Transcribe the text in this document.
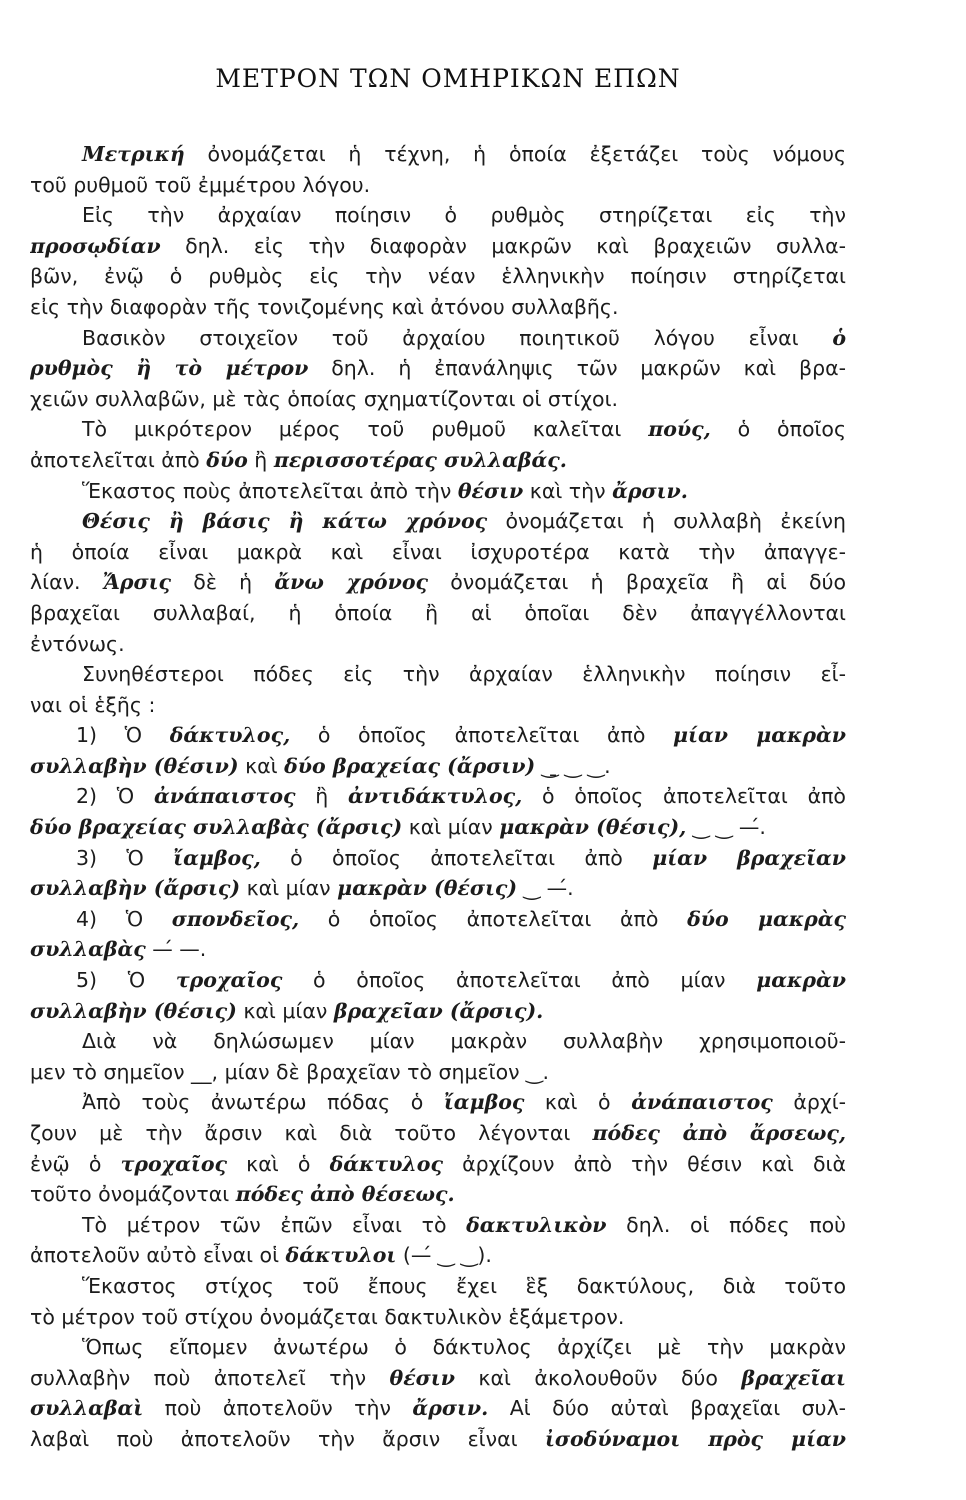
ΜΕΤΡΟΝ ΤΩΝ ΟΜΗΡΙΚΩΝ ΕΠΩΝ
Μετρική ὀνομάζεται ἡ τέχνη, ἡ ὁποία ἐξετάζει τοὺς νόμους
τοῦ ρυθμοῦ τοῦ ἐμμέτρου λόγου.
Εἰς τὴν ἀρχαίαν ποίησιν ὁ ρυθμὸς στηρίζεται εἰς τὴν
προσῳδίαν δηλ. εἰς τὴν διαφορὰν μακρῶν καὶ βραχειῶν συλλα-
βῶν, ἐνῷ ὁ ρυθμὸς εἰς τὴν νέαν ἑλληνικὴν ποίησιν στηρίζεται
εἰς τὴν διαφορὰν τῆς τονιζομένης καὶ ἀτόνου συλλαβῆς.
Βασικὸν στοιχεῖον τοῦ ἀρχαίου ποιητικοῦ λόγου εἶναι ὁ
ρυθμὸς ἢ τὸ μέτρον δηλ. ἡ ἐπανάληψις τῶν μακρῶν καὶ βρα-
χειῶν συλλαβῶν, μὲ τὰς ὁποίας σχηματίζονται οἱ στίχοι.
Τὸ μικρότερον μέρος τοῦ ρυθμοῦ καλεῖται πούς, ὁ ὁποῖος
ἀποτελεῖται ἀπὸ δύο ἢ περισσοτέρας συλλαβάς.
Ἕκαστος ποὺς ἀποτελεῖται ἀπὸ τὴν θέσιν καὶ τὴν ἄρσιν.
Θέσις ἢ βάσις ἢ κάτω χρόνος ὀνομάζεται ἡ συλλαβὴ ἐκείνη
ἡ ὁποία εἶναι μακρὰ καὶ εἶναι ἰσχυροτέρα κατὰ τὴν ἀπαγγε-
λίαν. Ἄρσις δὲ ἡ ἄνω χρόνος ὀνομάζεται ἡ βραχεῖα ἢ αἱ δύο
βραχεῖαι συλλαβαί, ἡ ὁποία ἢ αἱ ὁποῖαι δὲν ἀπαγγέλλονται
ἐντόνως.
Συνηθέστεροι πόδες εἰς τὴν ἀρχαίαν ἑλληνικὴν ποίησιν εἶ-
ναι οἱ ἑξῆς :
1) Ὁ δάκτυλος, ὁ ὁποῖος ἀποτελεῖται ἀπὸ μίαν μακρὰν
συλλαβὴν (θέσιν) καὶ δύο βραχείας (ἄρσιν) ‿̱ ‿ ‿.
2) Ὁ ἀνάπαιστος ἢ ἀντιδάκτυλος, ὁ ὁποῖος ἀποτελεῖται ἀπὸ
δύο βραχείας συλλαβὰς (ἄρσις) καὶ μίαν μακρὰν (θέσις), ‿ ‿ —́.
3) Ὁ ἴαμβος, ὁ ὁποῖος ἀποτελεῖται ἀπὸ μίαν βραχεῖαν
συλλαβὴν (ἄρσις) καὶ μίαν μακρὰν (θέσις) ‿ —́.
4) Ὁ σπονδεῖος, ὁ ὁποῖος ἀποτελεῖται ἀπὸ δύο μακρὰς
συλλαβὰς —́ —.
5) Ὁ τροχαῖος ὁ ὁποῖος ἀποτελεῖται ἀπὸ μίαν μακρὰν
συλλαβὴν (θέσις) καὶ μίαν βραχεῖαν (ἄρσις).
Διὰ νὰ δηλώσωμεν μίαν μακρὰν συλλαβὴν χρησιμοποιοῦ-
μεν τὸ σημεῖον __, μίαν δὲ βραχεῖαν τὸ σημεῖον ‿.
Ἀπὸ τοὺς ἀνωτέρω πόδας ὁ ἴαμβος καὶ ὁ ἀνάπαιστος ἀρχί-
ζουν μὲ τὴν ἄρσιν καὶ διὰ τοῦτο λέγονται πόδες ἀπὸ ἄρσεως,
ἐνῷ ὁ τροχαῖος καὶ ὁ δάκτυλος ἀρχίζουν ἀπὸ τὴν θέσιν καὶ διὰ
τοῦτο ὀνομάζονται πόδες ἀπὸ θέσεως.
Τὸ μέτρον τῶν ἐπῶν εἶναι τὸ δακτυλικὸν δηλ. οἱ πόδες ποὺ
ἀποτελοῦν αὐτὸ εἶναι οἱ δάκτυλοι (—́ ‿ ‿).
Ἕκαστος στίχος τοῦ ἔπους ἔχει ἓξ δακτύλους, διὰ τοῦτο
τὸ μέτρον τοῦ στίχου ὀνομάζεται δακτυλικὸν ἑξάμετρον.
Ὅπως εἴπομεν ἀνωτέρω ὁ δάκτυλος ἀρχίζει μὲ τὴν μακρὰν
συλλαβὴν ποὺ ἀποτελεῖ τὴν θέσιν καὶ ἀκολουθοῦν δύο βραχεῖαι
συλλαβαὶ ποὺ ἀποτελοῦν τὴν ἄρσιν. Αἱ δύο αὐταὶ βραχεῖαι συλ-
λαβαὶ ποὺ ἀποτελοῦν τὴν ἄρσιν εἶναι ἰσοδύναμοι πρὸς μίαν
